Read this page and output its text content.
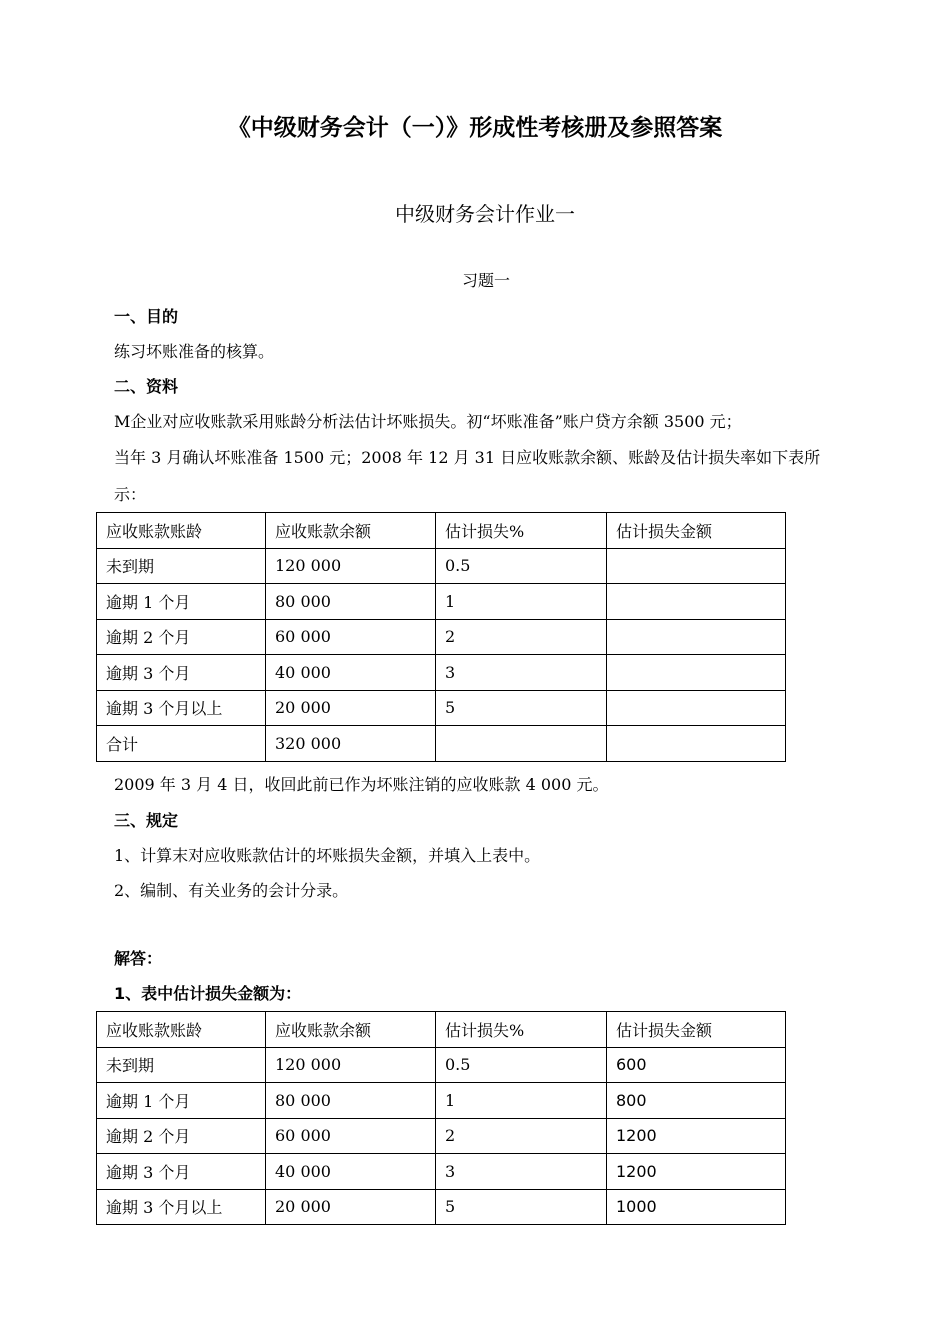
《中级财务会计（一）》形成性考核册及参照答案
中级财务会计作业一
习题一
一、目的
练习坏账准备的核算。
二、资料
M企业对应收账款采用账龄分析法估计坏账损失。初“坏账准备”账户贷方余额 3500 元；
当年 3 月确认坏账准备 1500 元；2008 年 12 月 31 日应收账款余额、账龄及估计损失率如下表所
示：
应收账款账龄	应收账款余额	估计损失%	估计损失金额
未到期	120 000	0.5	
逾期 1 个月	80 000	1	
逾期 2 个月	60 000	2	
逾期 3 个月	40 000	3	
逾期 3 个月以上	20 000	5	
合计	320 000		
2009 年 3 月 4 日，收回此前已作为坏账注销的应收账款 4 000 元。
三、规定
1、计算末对应收账款估计的坏账损失金额，并填入上表中。
2、编制、有关业务的会计分录。
解答：
1、表中估计损失金额为：
应收账款账龄	应收账款余额	估计损失%	估计损失金额
未到期	120 000	0.5	600
逾期 1 个月	80 000	1	800
逾期 2 个月	60 000	2	1200
逾期 3 个月	40 000	3	1200
逾期 3 个月以上	20 000	5	1000
